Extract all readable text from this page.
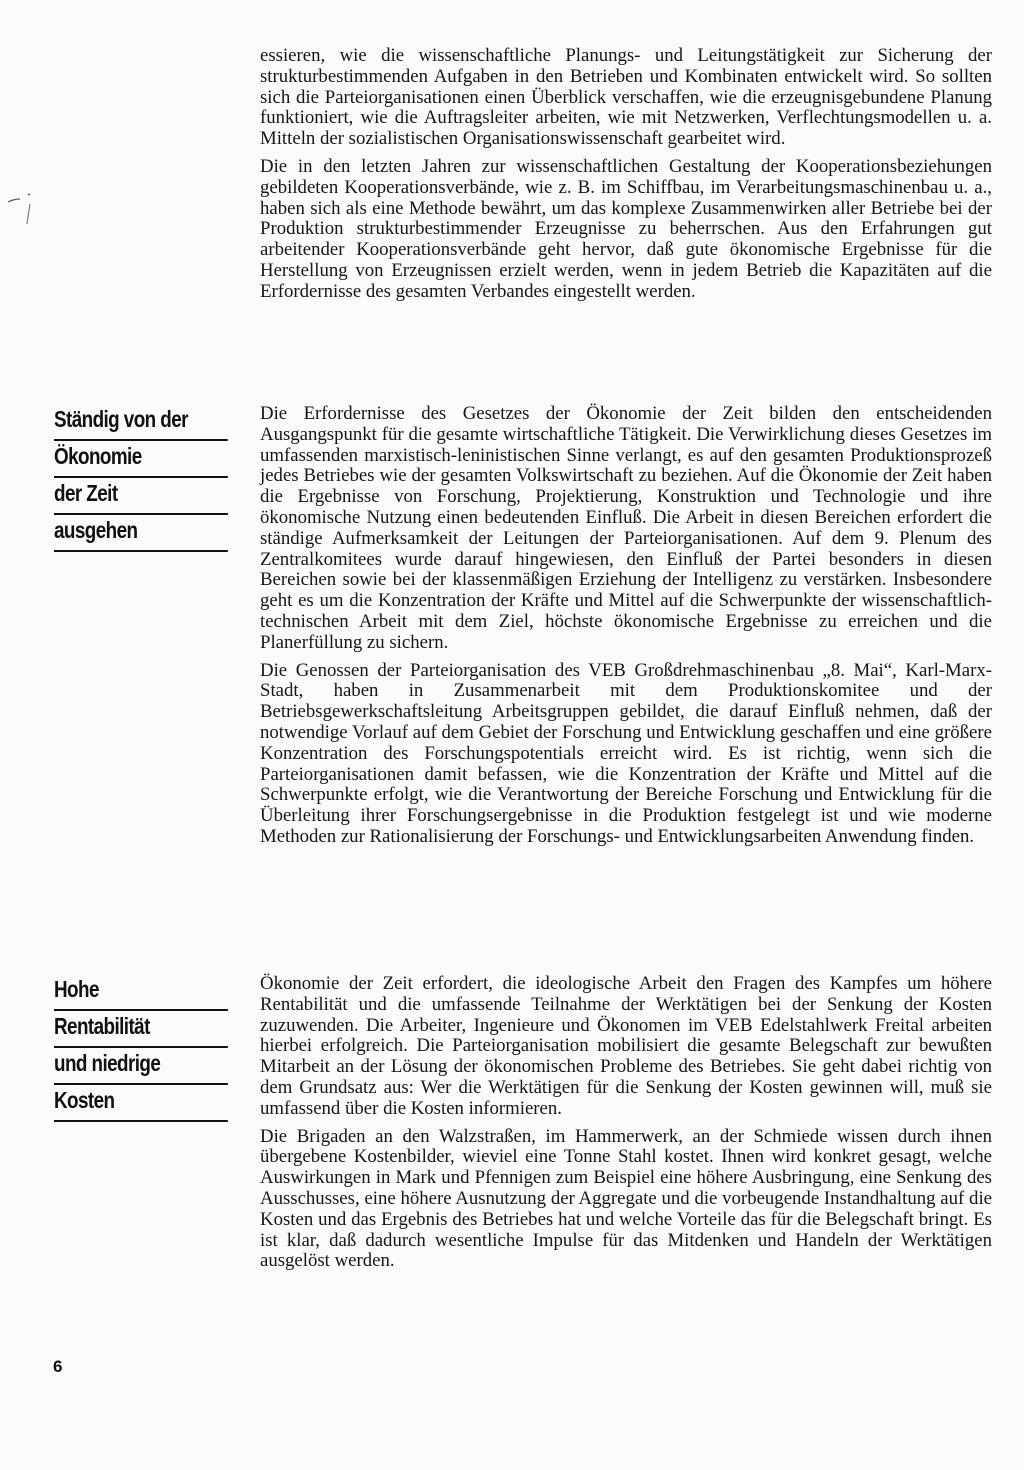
essieren, wie die wissenschaftliche Planungs- und Leitungstätigkeit zur Sicherung der strukturbestimmenden Aufgaben in den Betrieben und Kombinaten entwickelt wird. So sollten sich die Parteiorganisationen einen Überblick verschaffen, wie die erzeugnisgebundene Planung funktioniert, wie die Auftragsleiter arbeiten, wie mit Netzwerken, Verflechtungsmodellen u. a. Mitteln der sozialistischen Organisationswissenschaft gearbeitet wird.

Die in den letzten Jahren zur wissenschaftlichen Gestaltung der Kooperationsbeziehungen gebildeten Kooperationsverbände, wie z. B. im Schiffbau, im Verarbeitungsmaschinenbau u. a., haben sich als eine Methode bewährt, um das komplexe Zusammenwirken aller Betriebe bei der Produktion strukturbestimmender Erzeugnisse zu beherrschen. Aus den Erfahrungen gut arbeitender Kooperationsverbände geht hervor, daß gute ökonomische Ergebnisse für die Herstellung von Erzeugnissen erzielt werden, wenn in jedem Betrieb die Kapazitäten auf die Erfordernisse des gesamten Verbandes eingestellt werden.

Ständig von der
Ökonomie
der Zeit
ausgehen

Die Erfordernisse des Gesetzes der Ökonomie der Zeit bilden den entscheidenden Ausgangspunkt für die gesamte wirtschaftliche Tätigkeit. Die Verwirklichung dieses Gesetzes im umfassenden marxistisch-leninistischen Sinne verlangt, es auf den gesamten Produktionsprozeß jedes Betriebes wie der gesamten Volkswirtschaft zu beziehen. Auf die Ökonomie der Zeit haben die Ergebnisse von Forschung, Projektierung, Konstruktion und Technologie und ihre ökonomische Nutzung einen bedeutenden Einfluß. Die Arbeit in diesen Bereichen erfordert die ständige Aufmerksamkeit der Leitungen der Parteiorganisationen. Auf dem 9. Plenum des Zentralkomitees wurde darauf hingewiesen, den Einfluß der Partei besonders in diesen Bereichen sowie bei der klassenmäßigen Erziehung der Intelligenz zu verstärken. Insbesondere geht es um die Konzentration der Kräfte und Mittel auf die Schwerpunkte der wissenschaftlich-technischen Arbeit mit dem Ziel, höchste ökonomische Ergebnisse zu erreichen und die Planerfüllung zu sichern.

Die Genossen der Parteiorganisation des VEB Großdrehmaschinenbau „8. Mai“, Karl-Marx-Stadt, haben in Zusammenarbeit mit dem Produktionskomitee und der Betriebsgewerkschaftsleitung Arbeitsgruppen gebildet, die darauf Einfluß nehmen, daß der notwendige Vorlauf auf dem Gebiet der Forschung und Entwicklung geschaffen und eine größere Konzentration des Forschungspotentials erreicht wird. Es ist richtig, wenn sich die Parteiorganisationen damit befassen, wie die Konzentration der Kräfte und Mittel auf die Schwerpunkte erfolgt, wie die Verantwortung der Bereiche Forschung und Entwicklung für die Überleitung ihrer Forschungsergebnisse in die Produktion festgelegt ist und wie moderne Methoden zur Rationalisierung der Forschungs- und Entwicklungsarbeiten Anwendung finden.

Hohe
Rentabilität
und niedrige
Kosten

Ökonomie der Zeit erfordert, die ideologische Arbeit den Fragen des Kampfes um höhere Rentabilität und die umfassende Teilnahme der Werktätigen bei der Senkung der Kosten zuzuwenden. Die Arbeiter, Ingenieure und Ökonomen im VEB Edelstahlwerk Freital arbeiten hierbei erfolgreich. Die Parteiorganisation mobilisiert die gesamte Belegschaft zur bewußten Mitarbeit an der Lösung der ökonomischen Probleme des Betriebes. Sie geht dabei richtig von dem Grundsatz aus: Wer die Werktätigen für die Senkung der Kosten gewinnen will, muß sie umfassend über die Kosten informieren.

Die Brigaden an den Walzstraßen, im Hammerwerk, an der Schmiede wissen durch ihnen übergebene Kostenbilder, wieviel eine Tonne Stahl kostet. Ihnen wird konkret gesagt, welche Auswirkungen in Mark und Pfennigen zum Beispiel eine höhere Ausbringung, eine Senkung des Ausschusses, eine höhere Ausnutzung der Aggregate und die vorbeugende Instandhaltung auf die Kosten und das Ergebnis des Betriebes hat und welche Vorteile das für die Belegschaft bringt. Es ist klar, daß dadurch wesentliche Impulse für das Mitdenken und Handeln der Werktätigen ausgelöst werden.

6
